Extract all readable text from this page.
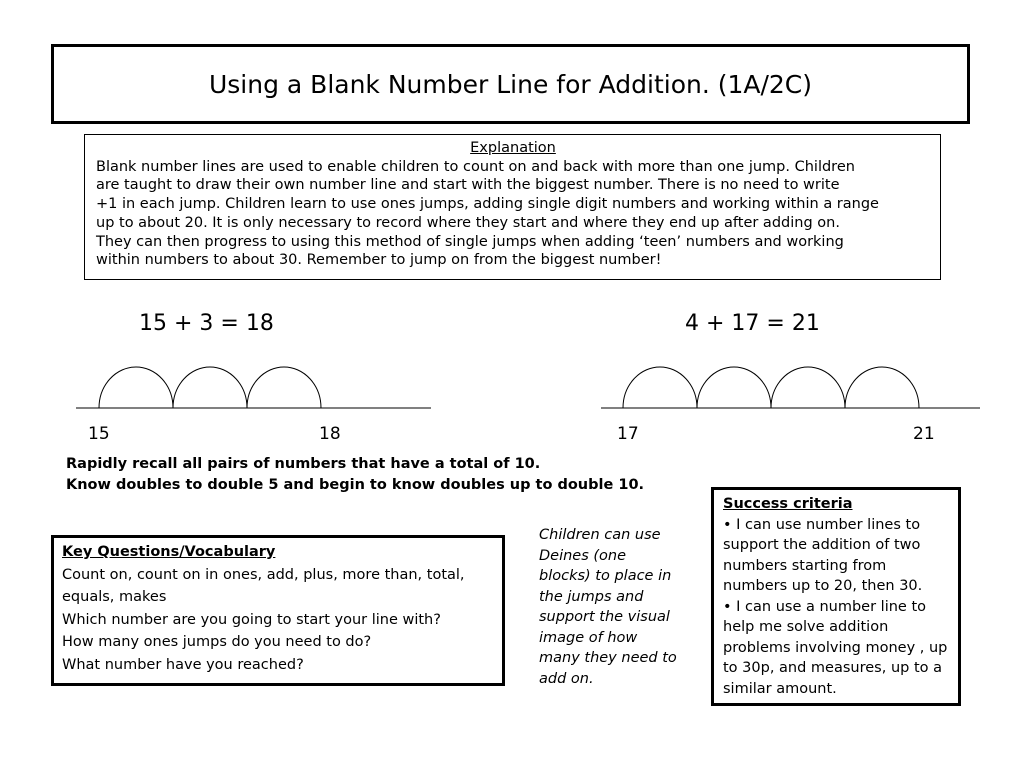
Using a Blank Number Line for Addition. (1A/2C)
Explanation
Blank number lines are used to enable children to count on and back with more than one jump. Children
are taught to draw their own number line and start with the biggest number. There is no need to write
+1 in each jump. Children learn to use ones jumps, adding single digit numbers and working within a range
up to about 20. It is only necessary to record where they start and where they end up after adding on.
They can then progress to using this method of single jumps when adding ‘teen’ numbers and working
within numbers to about 30. Remember to jump on from the biggest number!
15 + 3 = 18
15	18
4 + 17 = 21
17	21
Rapidly recall all pairs of numbers that have a total of 10.
Know doubles to double 5 and begin to know doubles up to double 10.
Key Questions/Vocabulary
Count on, count on in ones, add, plus, more than, total,
equals, makes
Which number are you going to start your line with?
How many ones jumps do you need to do?
What number have you reached?
Children can use Deines (one blocks) to place in the jumps and support the visual image of how many they need to add on.
Success criteria
• I can use number lines to support the addition of two numbers starting from numbers up to 20, then 30.
• I can use a number line to help me solve addition problems involving money , up to 30p, and measures, up to a similar amount.
